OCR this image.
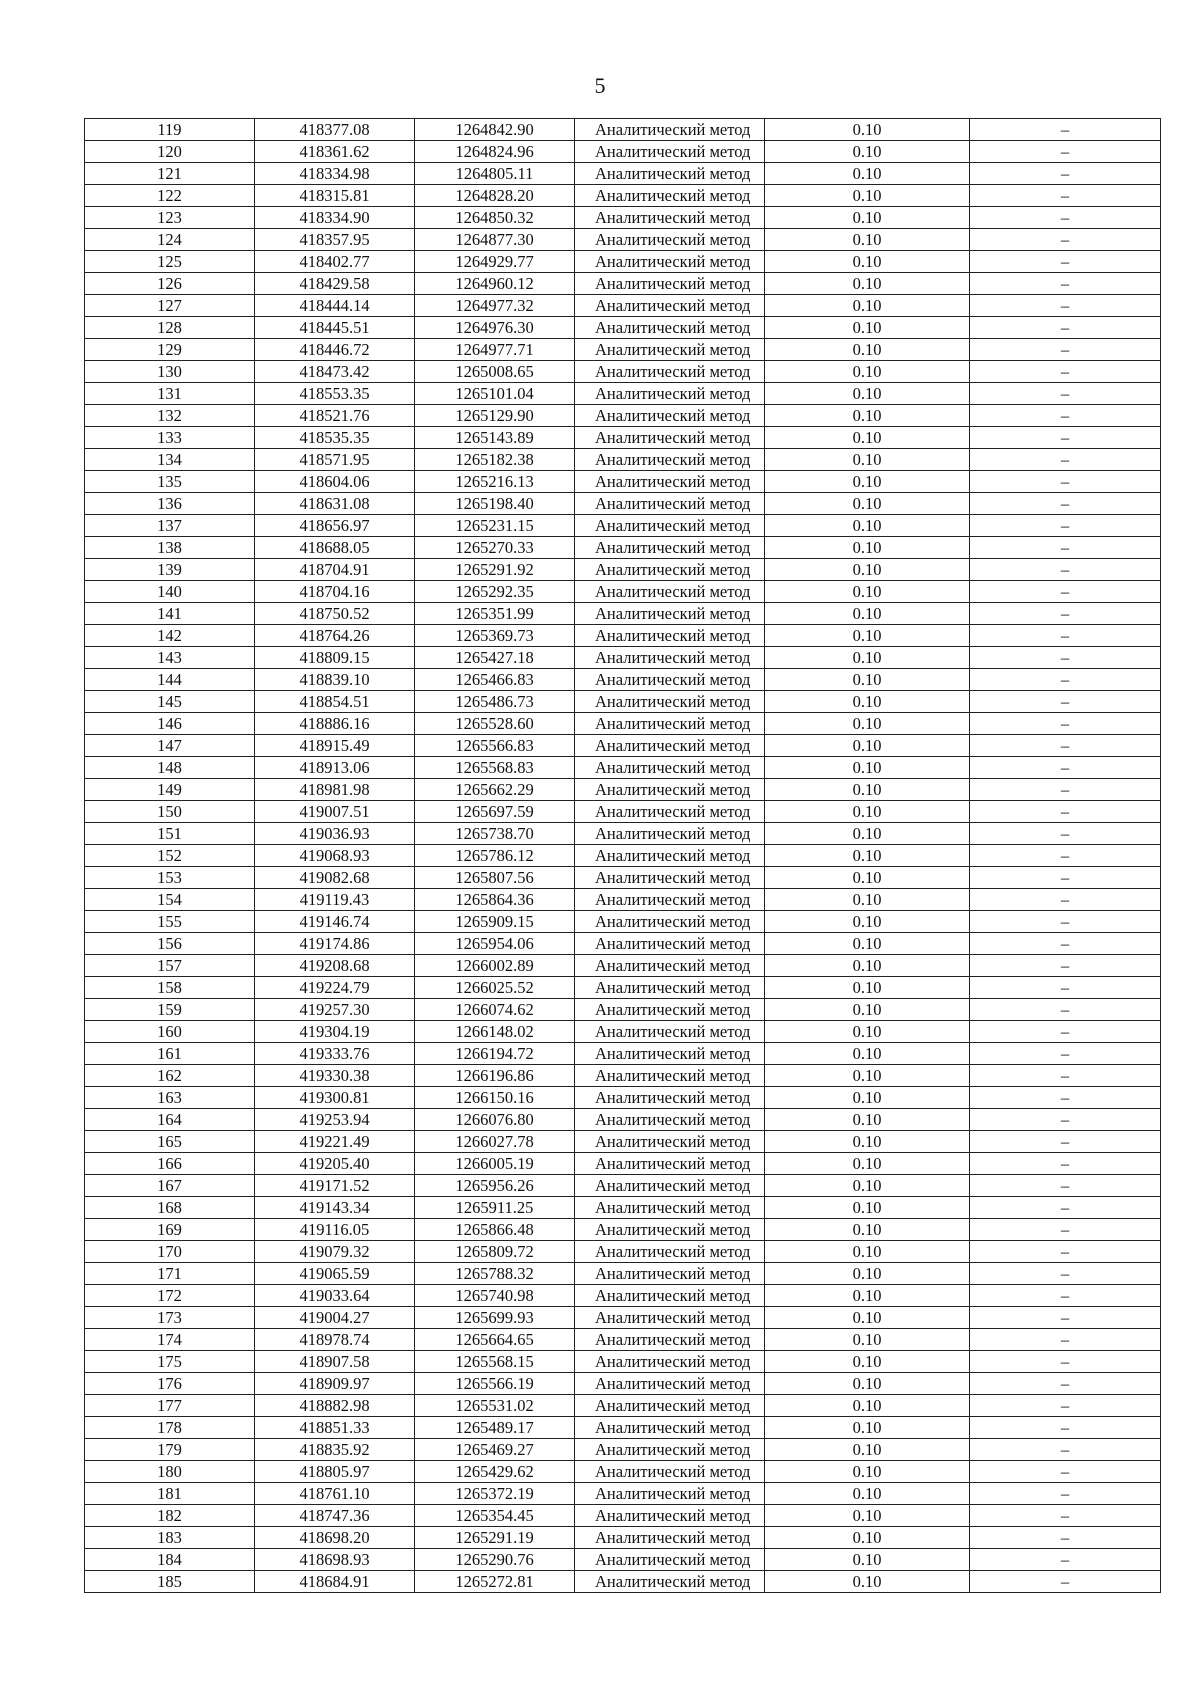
5
119	418377.08	1264842.90	Аналитический метод	0.10	–
120	418361.62	1264824.96	Аналитический метод	0.10	–
121	418334.98	1264805.11	Аналитический метод	0.10	–
122	418315.81	1264828.20	Аналитический метод	0.10	–
123	418334.90	1264850.32	Аналитический метод	0.10	–
124	418357.95	1264877.30	Аналитический метод	0.10	–
125	418402.77	1264929.77	Аналитический метод	0.10	–
126	418429.58	1264960.12	Аналитический метод	0.10	–
127	418444.14	1264977.32	Аналитический метод	0.10	–
128	418445.51	1264976.30	Аналитический метод	0.10	–
129	418446.72	1264977.71	Аналитический метод	0.10	–
130	418473.42	1265008.65	Аналитический метод	0.10	–
131	418553.35	1265101.04	Аналитический метод	0.10	–
132	418521.76	1265129.90	Аналитический метод	0.10	–
133	418535.35	1265143.89	Аналитический метод	0.10	–
134	418571.95	1265182.38	Аналитический метод	0.10	–
135	418604.06	1265216.13	Аналитический метод	0.10	–
136	418631.08	1265198.40	Аналитический метод	0.10	–
137	418656.97	1265231.15	Аналитический метод	0.10	–
138	418688.05	1265270.33	Аналитический метод	0.10	–
139	418704.91	1265291.92	Аналитический метод	0.10	–
140	418704.16	1265292.35	Аналитический метод	0.10	–
141	418750.52	1265351.99	Аналитический метод	0.10	–
142	418764.26	1265369.73	Аналитический метод	0.10	–
143	418809.15	1265427.18	Аналитический метод	0.10	–
144	418839.10	1265466.83	Аналитический метод	0.10	–
145	418854.51	1265486.73	Аналитический метод	0.10	–
146	418886.16	1265528.60	Аналитический метод	0.10	–
147	418915.49	1265566.83	Аналитический метод	0.10	–
148	418913.06	1265568.83	Аналитический метод	0.10	–
149	418981.98	1265662.29	Аналитический метод	0.10	–
150	419007.51	1265697.59	Аналитический метод	0.10	–
151	419036.93	1265738.70	Аналитический метод	0.10	–
152	419068.93	1265786.12	Аналитический метод	0.10	–
153	419082.68	1265807.56	Аналитический метод	0.10	–
154	419119.43	1265864.36	Аналитический метод	0.10	–
155	419146.74	1265909.15	Аналитический метод	0.10	–
156	419174.86	1265954.06	Аналитический метод	0.10	–
157	419208.68	1266002.89	Аналитический метод	0.10	–
158	419224.79	1266025.52	Аналитический метод	0.10	–
159	419257.30	1266074.62	Аналитический метод	0.10	–
160	419304.19	1266148.02	Аналитический метод	0.10	–
161	419333.76	1266194.72	Аналитический метод	0.10	–
162	419330.38	1266196.86	Аналитический метод	0.10	–
163	419300.81	1266150.16	Аналитический метод	0.10	–
164	419253.94	1266076.80	Аналитический метод	0.10	–
165	419221.49	1266027.78	Аналитический метод	0.10	–
166	419205.40	1266005.19	Аналитический метод	0.10	–
167	419171.52	1265956.26	Аналитический метод	0.10	–
168	419143.34	1265911.25	Аналитический метод	0.10	–
169	419116.05	1265866.48	Аналитический метод	0.10	–
170	419079.32	1265809.72	Аналитический метод	0.10	–
171	419065.59	1265788.32	Аналитический метод	0.10	–
172	419033.64	1265740.98	Аналитический метод	0.10	–
173	419004.27	1265699.93	Аналитический метод	0.10	–
174	418978.74	1265664.65	Аналитический метод	0.10	–
175	418907.58	1265568.15	Аналитический метод	0.10	–
176	418909.97	1265566.19	Аналитический метод	0.10	–
177	418882.98	1265531.02	Аналитический метод	0.10	–
178	418851.33	1265489.17	Аналитический метод	0.10	–
179	418835.92	1265469.27	Аналитический метод	0.10	–
180	418805.97	1265429.62	Аналитический метод	0.10	–
181	418761.10	1265372.19	Аналитический метод	0.10	–
182	418747.36	1265354.45	Аналитический метод	0.10	–
183	418698.20	1265291.19	Аналитический метод	0.10	–
184	418698.93	1265290.76	Аналитический метод	0.10	–
185	418684.91	1265272.81	Аналитический метод	0.10	–
